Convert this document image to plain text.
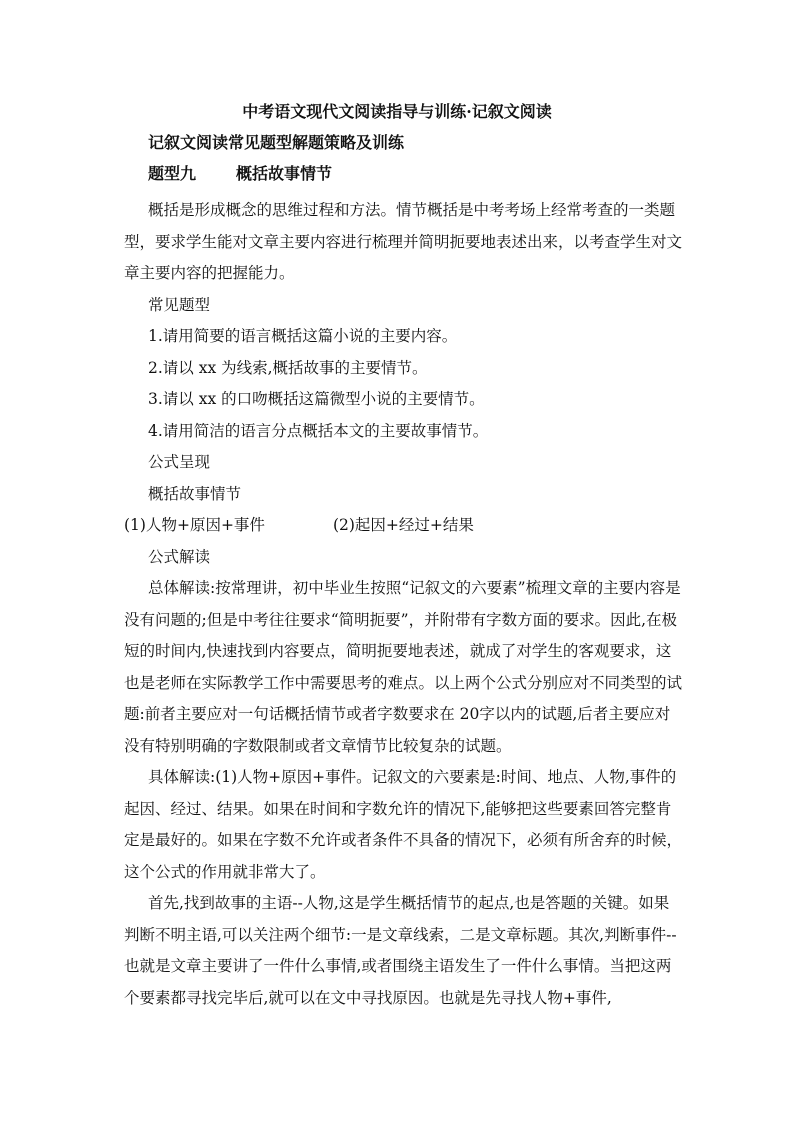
中考语文现代文阅读指导与训练·记叙文阅读
记叙文阅读常见题型解题策略及训练
题型九	概括故事情节

概括是形成概念的思维过程和方法。情节概括是中考考场上经常考查的一类题型，要求学生能对文章主要内容进行梳理并简明扼要地表述出来，以考查学生对文章主要内容的把握能力。

常见题型

1.请用简要的语言概括这篇小说的主要内容。

2.请以 xx 为线索,概括故事的主要情节。

3.请以 xx 的口吻概括这篇微型小说的主要情节。

4.请用简洁的语言分点概括本文的主要故事情节。

公式呈现

概括故事情节

(1)人物+原因+事件	(2)起因+经过+结果

公式解读

总体解读:按常理讲，初中毕业生按照“记叙文的六要素”梳理文章的主要内容是没有问题的;但是中考往往要求“简明扼要”，并附带有字数方面的要求。因此,在极短的时间内,快速找到内容要点，简明扼要地表述，就成了对学生的客观要求，这也是老师在实际教学工作中需要思考的难点。以上两个公式分别应对不同类型的试题:前者主要应对一句话概括情节或者字数要求在 20字以内的试题,后者主要应对没有特别明确的字数限制或者文章情节比较复杂的试题。

具体解读:(1)人物+原因+事件。记叙文的六要素是:时间、地点、人物,事件的起因、经过、结果。如果在时间和字数允许的情况下,能够把这些要素回答完整肯定是最好的。如果在字数不允许或者条件不具备的情况下，必须有所舍弃的时候，这个公式的作用就非常大了。

首先,找到故事的主语--人物,这是学生概括情节的起点,也是答题的关键。如果判断不明主语,可以关注两个细节:一是文章线索，二是文章标题。其次,判断事件--也就是文章主要讲了一件什么事情,或者围绕主语发生了一件什么事情。当把这两个要素都寻找完毕后,就可以在文中寻找原因。也就是先寻找人物+事件,
